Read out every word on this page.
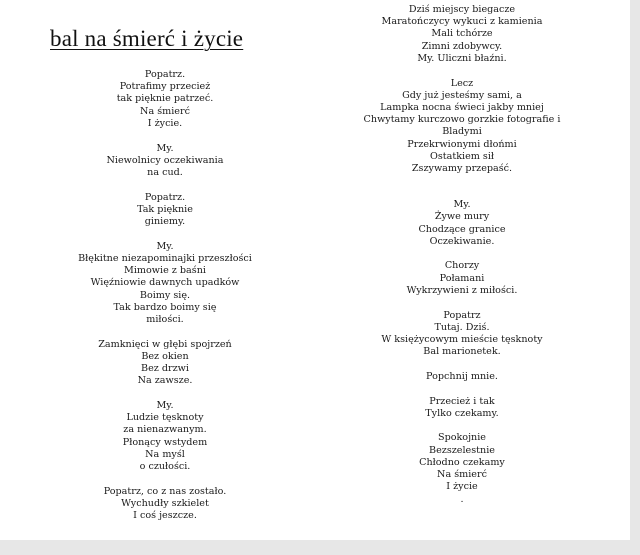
bal na śmierć i życie
Popatrz.
Potrafimy przecież
tak pięknie patrzeć.
Na śmierć
I życie.
My.
Niewolnicy oczekiwania
na cud.
Popatrz.
Tak pięknie
giniemy.
My.
Błękitne niezapominajki przeszłości
Mimowie z baśni
Więźniowie dawnych upadków
Boimy się.
Tak bardzo boimy się
miłości.
Zamknięci w głębi spojrzeń
Bez okien
Bez drzwi
Na zawsze.
My.
Ludzie tęsknoty
za nienazwanym.
Płonący wstydem
Na myśl
o czułości.
Popatrz, co z nas zostało.
Wychudły szkielet
I coś jeszcze.
Dziś miejscy biegacze
Maratończycy wykuci z kamienia
Mali tchórze
Zimni zdobywcy.
My. Uliczni błaźni.
Lecz
Gdy już jesteśmy sami, a
Lampka nocna świeci jakby mniej
Chwytamy kurczowo gorzkie fotografie i
Bladymi
Przekrwionymi dłońmi
Ostatkiem sił
Zszywamy przepaść.
My.
Żywe mury
Chodzące granice
Oczekiwanie.
Chorzy
Połamani
Wykrzywieni z miłości.
Popatrz
Tutaj. Dziś.
W księżycowym mieście tęsknoty
Bal marionetek.
Popchnij mnie.
Przecież i tak
Tylko czekamy.
Spokojnie
Bezszelestnie
Chłodno czekamy
Na śmierć
I życie
.
